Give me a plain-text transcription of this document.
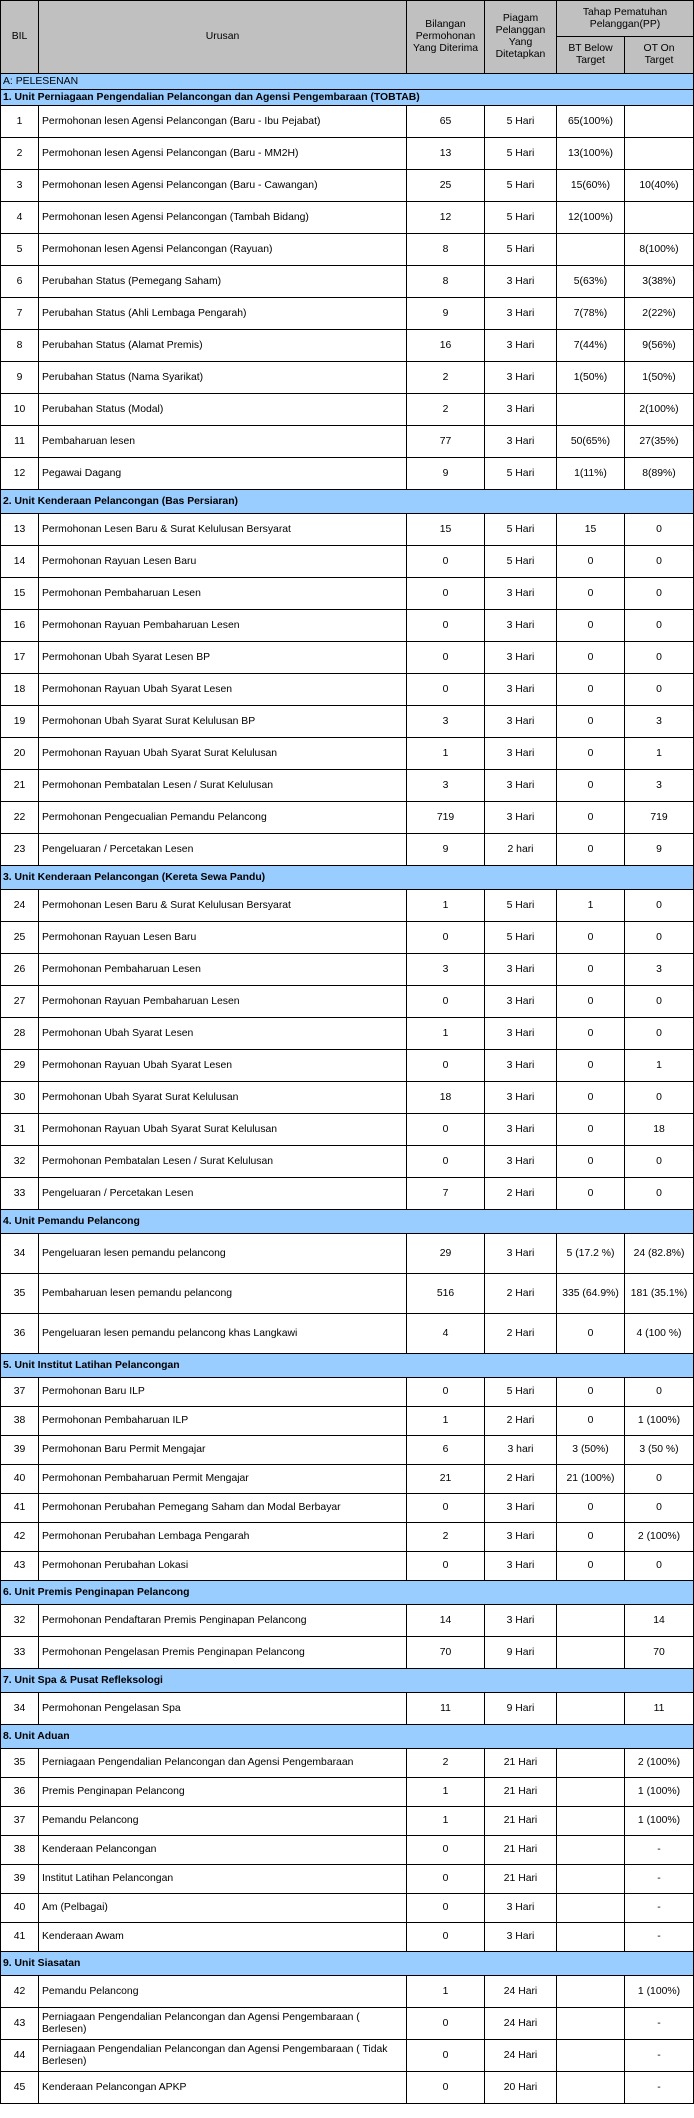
BIL	Urusan	Bilangan Permohonan Yang Diterima	Piagam Pelanggan Yang Ditetapkan	Tahap Pematuhan Pelanggan(PP)	
				BT Below Target	OT On Target
A: PELESENAN					
1. Unit Perniagaan Pengendalian Pelancongan dan Agensi Pengembaraan (TOBTAB)					
1	Permohonan lesen Agensi Pelancongan (Baru - Ibu Pejabat)	65	5 Hari	65(100%)	
2	Permohonan lesen Agensi Pelancongan (Baru - MM2H)	13	5 Hari	13(100%)	
3	Permohonan lesen Agensi Pelancongan (Baru - Cawangan)	25	5 Hari	15(60%)	10(40%)
4	Permohonan lesen Agensi Pelancongan (Tambah Bidang)	12	5 Hari	12(100%)	
5	Permohonan lesen Agensi Pelancongan (Rayuan)	8	5 Hari		8(100%)
6	Perubahan Status (Pemegang Saham)	8	3 Hari	5(63%)	3(38%)
7	Perubahan Status (Ahli Lembaga Pengarah)	9	3 Hari	7(78%)	2(22%)
8	Perubahan Status (Alamat Premis)	16	3 Hari	7(44%)	9(56%)
9	Perubahan Status (Nama Syarikat)	2	3 Hari	1(50%)	1(50%)
10	Perubahan Status (Modal)	2	3 Hari		2(100%)
11	Pembaharuan lesen	77	3 Hari	50(65%)	27(35%)
12	Pegawai Dagang	9	5 Hari	1(11%)	8(89%)
2. Unit Kenderaan Pelancongan (Bas Persiaran)					
13	Permohonan Lesen Baru & Surat Kelulusan Bersyarat	15	5 Hari	15	0
14	Permohonan Rayuan Lesen Baru	0	5 Hari	0	0
15	Permohonan Pembaharuan Lesen	0	3 Hari	0	0
16	Permohonan Rayuan Pembaharuan Lesen	0	3 Hari	0	0
17	Permohonan Ubah Syarat Lesen BP	0	3 Hari	0	0
18	Permohonan Rayuan Ubah Syarat Lesen	0	3 Hari	0	0
19	Permohonan Ubah Syarat Surat Kelulusan BP	3	3 Hari	0	3
20	Permohonan Rayuan Ubah Syarat Surat Kelulusan	1	3 Hari	0	1
21	Permohonan Pembatalan Lesen / Surat Kelulusan	3	3 Hari	0	3
22	Permohonan Pengecualian Pemandu Pelancong	719	3 Hari	0	719
23	Pengeluaran / Percetakan Lesen	9	2 hari	0	9
3. Unit Kenderaan Pelancongan (Kereta Sewa Pandu)					
24	Permohonan Lesen Baru & Surat Kelulusan Bersyarat	1	5 Hari	1	0
25	Permohonan Rayuan Lesen Baru	0	5 Hari	0	0
26	Permohonan Pembaharuan Lesen	3	3 Hari	0	3
27	Permohonan Rayuan Pembaharuan Lesen	0	3 Hari	0	0
28	Permohonan Ubah Syarat Lesen	1	3 Hari	0	0
29	Permohonan Rayuan Ubah Syarat Lesen	0	3 Hari	0	1
30	Permohonan Ubah Syarat Surat Kelulusan	18	3 Hari	0	0
31	Permohonan Rayuan Ubah Syarat Surat Kelulusan	0	3 Hari	0	18
32	Permohonan Pembatalan Lesen / Surat Kelulusan	0	3 Hari	0	0
33	Pengeluaran / Percetakan Lesen	7	2 Hari	0	0
4. Unit Pemandu Pelancong					
34	Pengeluaran lesen pemandu pelancong	29	3 Hari	5 (17.2 %)	24 (82.8%)
35	Pembaharuan lesen pemandu pelancong	516	2 Hari	335 (64.9%)	181 (35.1%)
36	Pengeluaran lesen pemandu pelancong khas Langkawi	4	2 Hari	0	4 (100 %)
5. Unit Institut Latihan Pelancongan					
37	Permohonan Baru ILP	0	5 Hari	0	0
38	Permohonan Pembaharuan ILP	1	2 Hari	0	1 (100%)
39	Permohonan Baru Permit Mengajar	6	3 hari	3 (50%)	3 (50 %)
40	Permohonan Pembaharuan Permit Mengajar	21	2 Hari	21 (100%)	0
41	Permohonan Perubahan Pemegang Saham dan Modal Berbayar	0	3 Hari	0	0
42	Permohonan Perubahan Lembaga Pengarah	2	3 Hari	0	2 (100%)
43	Permohonan Perubahan Lokasi	0	3 Hari	0	0
6. Unit Premis Penginapan Pelancong					
32	Permohonan Pendaftaran Premis Penginapan Pelancong	14	3 Hari		14
33	Permohonan Pengelasan Premis Penginapan Pelancong	70	9 Hari		70
7. Unit Spa & Pusat Refleksologi					
34	Permohonan Pengelasan Spa	11	9 Hari		11
8. Unit Aduan					
35	Perniagaan Pengendalian Pelancongan dan Agensi Pengembaraan	2	21 Hari		2 (100%)
36	Premis Penginapan Pelancong	1	21 Hari		1 (100%)
37	Pemandu Pelancong	1	21 Hari		1 (100%)
38	Kenderaan Pelancongan	0	21 Hari		-
39	Institut Latihan Pelancongan	0	21 Hari		-
40	Am (Pelbagai)	0	3 Hari		-
41	Kenderaan Awam	0	3 Hari		-
9. Unit Siasatan					
42	Pemandu Pelancong	1	24 Hari		1 (100%)
43	Perniagaan Pengendalian Pelancongan dan Agensi Pengembaraan ( Berlesen)	0	24 Hari		-
44	Perniagaan Pengendalian Pelancongan dan Agensi Pengembaraan ( Tidak Berlesen)	0	24 Hari		-
45	Kenderaan Pelancongan APKP	0	20 Hari		-
